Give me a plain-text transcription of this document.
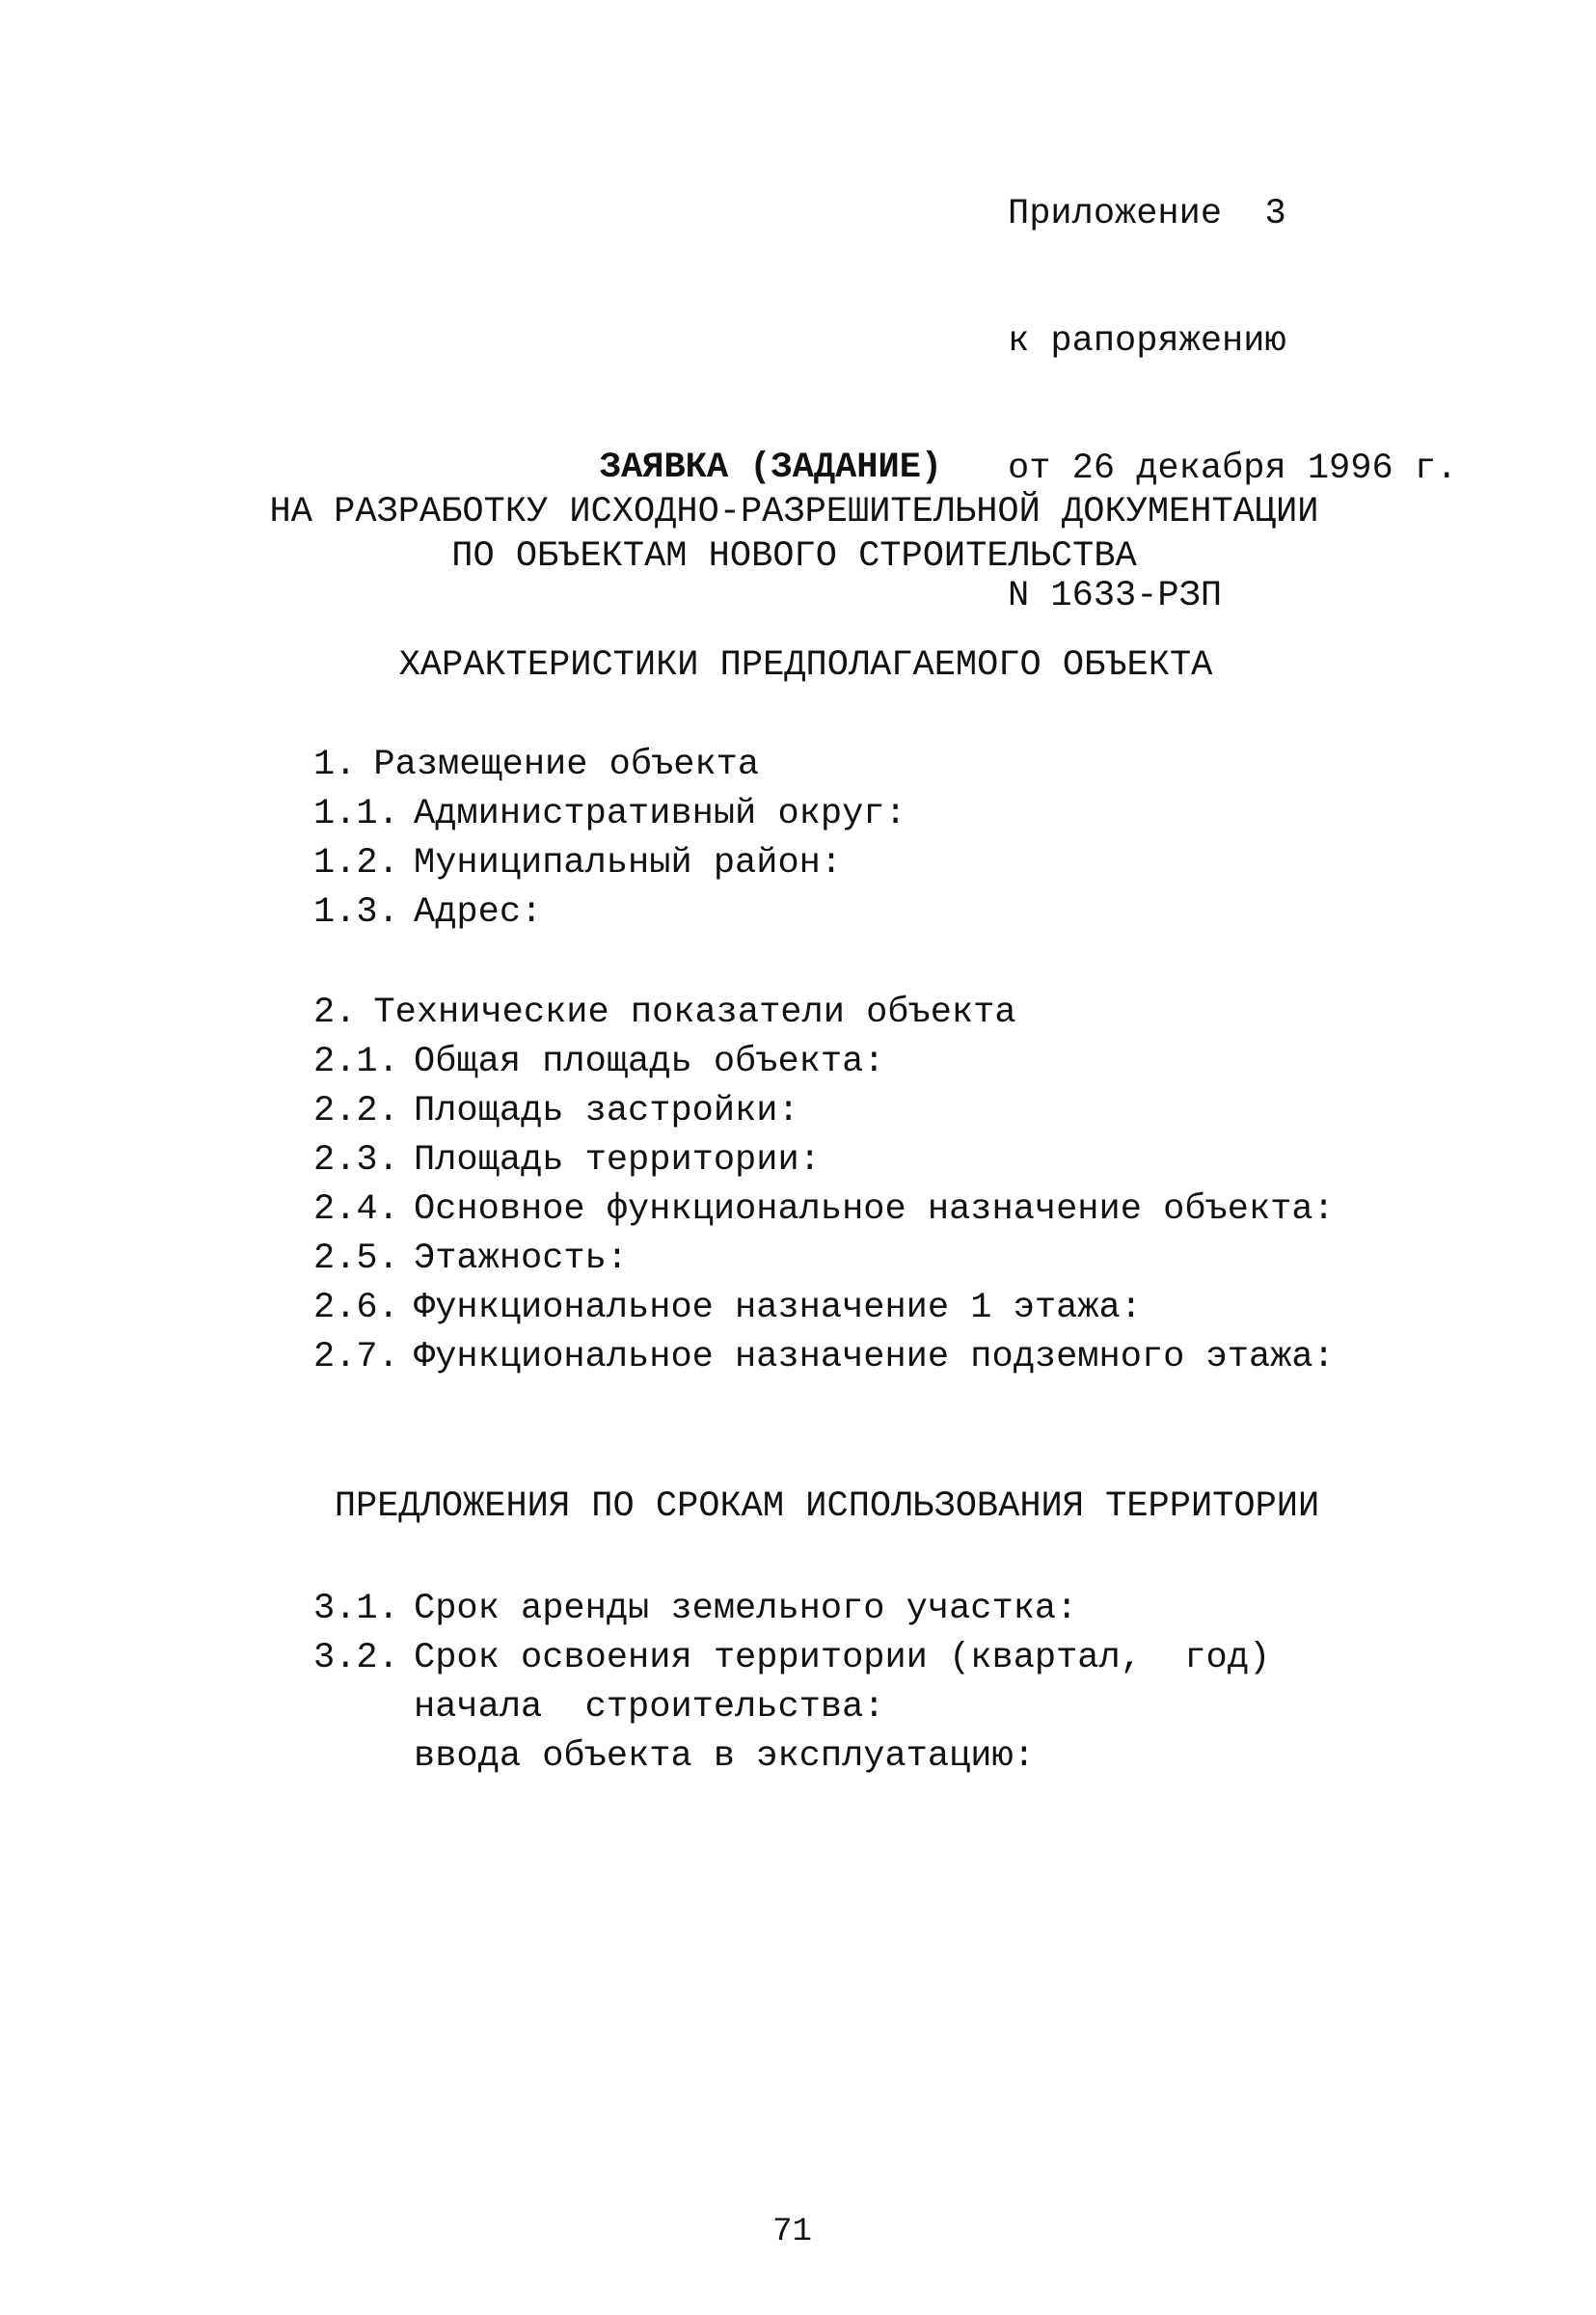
Приложение  3

к рапоряжению

от 26 декабря 1996 г.

N 1633-РЗП

ЗАЯВКА (ЗАДАНИЕ)
НА РАЗРАБОТКУ ИСХОДНО-РАЗРЕШИТЕЛЬНОЙ ДОКУМЕНТАЦИИ
ПО ОБЪЕКТАМ НОВОГО СТРОИТЕЛЬСТВА
ХАРАКТЕРИСТИКИ ПРЕДПОЛАГАЕМОГО ОБЪЕКТА
1. Размещение объекта
1.1. Административный округ:
1.2. Муниципальный район:
1.3. Адрес:
2. Технические показатели объекта
2.1. Общая площадь объекта:
2.2. Площадь застройки:
2.3. Площадь территории:
2.4. Основное функциональное назначение объекта:
2.5. Этажность:
2.6. Функциональное назначение 1 этажа:
2.7. Функциональное назначение подземного этажа:
ПРЕДЛОЖЕНИЯ ПО СРОКАМ ИСПОЛЬЗОВАНИЯ ТЕРРИТОРИИ
3.1. Срок аренды земельного участка:
3.2. Срок освоения территории (квартал,  год)
начала  строительства:
ввода объекта в эксплуатацию:
71
